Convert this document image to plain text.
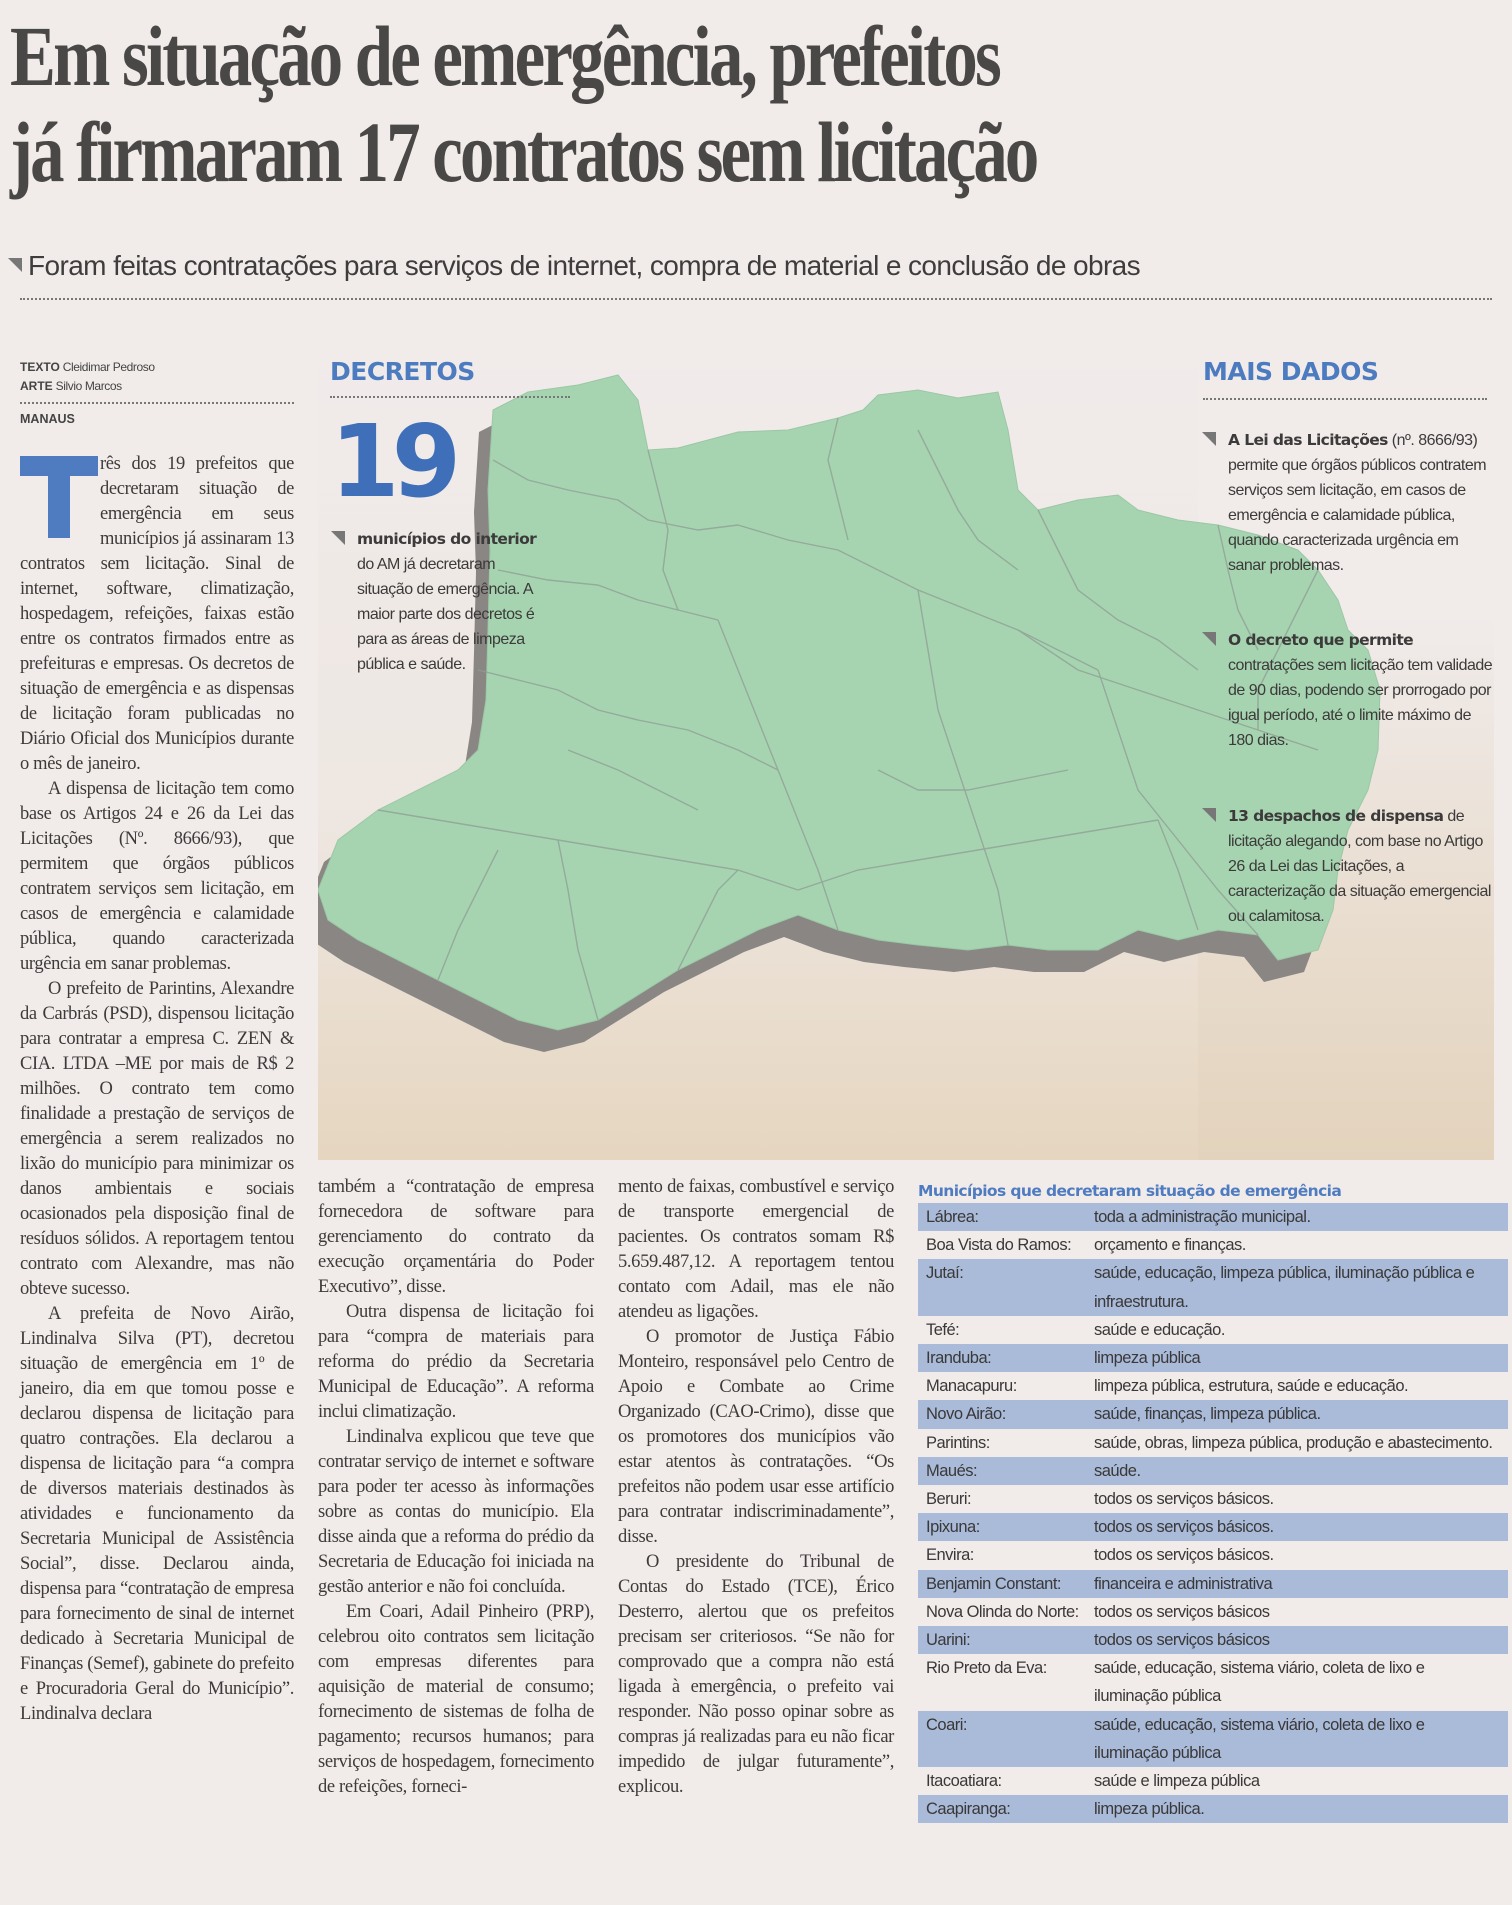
Em situação de emergência, prefeitos
já firmaram 17 contratos sem licitação
Foram feitas contratações para serviços de internet, compra de material e conclusão de obras
TEXTO Cleidimar Pedroso
ARTE Silvio Marcos
MANAUS

rês dos 19 prefeitos que decretaram situação de emergência em seus municípios já assinaram 13 contratos sem licitação. Sinal de internet, software, climatização, hospedagem, refeições, faixas estão entre os contratos firmados entre as prefeituras e empresas. Os decretos de situação de emergência e as dispensas de licitação foram publicadas no Diário Oficial dos Municípios durante o mês de janeiro.

A dispensa de licitação tem como base os Artigos 24 e 26 da Lei das Licitações (Nº. 8666/93), que permitem que órgãos públicos contratem serviços sem licitação, em casos de emergência e calamidade pública, quando caracterizada urgência em sanar problemas.

O prefeito de Parintins, Alexandre da Carbrás (PSD), dispensou licitação para contratar a empresa C. ZEN & CIA. LTDA –ME por mais de R$ 2 milhões. O contrato tem como finalidade a prestação de serviços de emergência a serem realizados no lixão do município para minimizar os danos ambientais e sociais ocasionados pela disposição final de resíduos sólidos. A reportagem tentou contrato com Alexandre, mas não obteve sucesso.

A prefeita de Novo Airão, Lindinalva Silva (PT), decretou situação de emergência em 1º de janeiro, dia em que tomou posse e declarou dispensa de licitação para quatro contrações. Ela declarou a dispensa de licitação para “a compra de diversos materiais destinados às atividades e funcionamento da Secretaria Municipal de Assistência Social”, disse. Declarou ainda, dispensa para “contratação de empresa para fornecimento de sinal de internet dedicado à Secretaria Municipal de Finanças (Semef), gabinete do prefeito e Procuradoria Geral do Município”. Lindinalva declara

DECRETOS
19
municípios do interior do AM já decretaram situação de emergência. A maior parte dos decretos é para as áreas de limpeza pública e saúde.
MAIS DADOS
A Lei das Licitações (nº. 8666/93) permite que órgãos públicos contratem serviços sem licitação, em casos de emergência e calamidade pública, quando caracterizada urgência em sanar problemas.
O decreto que permite contratações sem licitação tem validade de 90 dias, podendo ser prorrogado por igual período, até o limite máximo de 180 dias.
13 despachos de dispensa de licitação alegando, com base no Artigo 26 da Lei das Licitações, a caracterização da situação emergencial ou calamitosa.

também a “contratação de empresa fornecedora de software para gerenciamento do contrato da execução orçamentária do Poder Executivo”, disse.

Outra dispensa de licitação foi para “compra de materiais para reforma do prédio da Secretaria Municipal de Educação”. A reforma inclui climatização.

Lindinalva explicou que teve que contratar serviço de internet e software para poder ter acesso às informações sobre as contas do município. Ela disse ainda que a reforma do prédio da Secretaria de Educação foi iniciada na gestão anterior e não foi concluída.

Em Coari, Adail Pinheiro (PRP), celebrou oito contratos sem licitação com empresas diferentes para aquisição de material de consumo; fornecimento de sistemas de folha de pagamento; recursos humanos; para serviços de hospedagem, fornecimento de refeições, forneci-

mento de faixas, combustível e serviço de transporte emergencial de pacientes. Os contratos somam R$ 5.659.487,12. A reportagem tentou contato com Adail, mas ele não atendeu as ligações.

O promotor de Justiça Fábio Monteiro, responsável pelo Centro de Apoio e Combate ao Crime Organizado (CAO-Crimo), disse que os promotores dos municípios vão estar atentos às contratações. “Os prefeitos não podem usar esse artifício para contratar indiscriminadamente”, disse.

O presidente do Tribunal de Contas do Estado (TCE), Érico Desterro, alertou que os prefeitos precisam ser criteriosos. “Se não for comprovado que a compra não está ligada à emergência, o prefeito vai responder. Não posso opinar sobre as compras já realizadas para eu não ficar impedido de julgar futuramente”, explicou.

Municípios que decretaram situação de emergência
Lábrea:	toda a administração municipal.
Boa Vista do Ramos:	orçamento e finanças.
Jutaí:	saúde, educação, limpeza pública, iluminação pública e infraestrutura.
Tefé:	saúde e educação.
Iranduba:	limpeza pública
Manacapuru:	limpeza pública, estrutura, saúde e educação.
Novo Airão:	saúde, finanças, limpeza pública.
Parintins:	saúde, obras, limpeza pública, produção e abastecimento.
Maués:	saúde.
Beruri:	todos os serviços básicos.
Ipixuna:	todos os serviços básicos.
Envira:	todos os serviços básicos.
Benjamin Constant:	financeira e administrativa
Nova Olinda do Norte: todos os serviços básicos
Uarini:	todos os serviços básicos
Rio Preto da Eva:	saúde, educação, sistema viário, coleta de lixo e iluminação pública
Coari:	saúde, educação, sistema viário, coleta de lixo e iluminação pública
Itacoatiara:	saúde e limpeza pública
Caapiranga:	limpeza pública.
